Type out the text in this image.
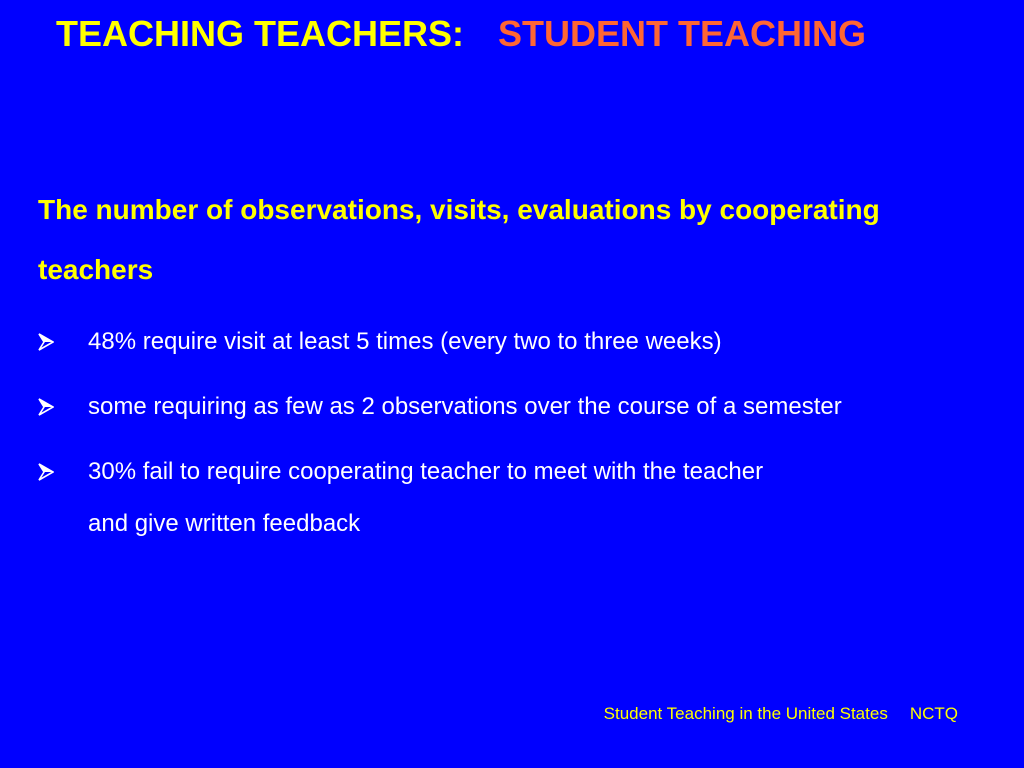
TEACHING TEACHERS: STUDENT TEACHING
The number of observations, visits, evaluations by cooperating teachers
48% require visit at least 5 times (every two to three weeks)
some requiring as few as 2 observations over the course of a semester
30% fail to require cooperating teacher to meet with the teacher
and give written feedback
Student Teaching in the United States NCTQ
